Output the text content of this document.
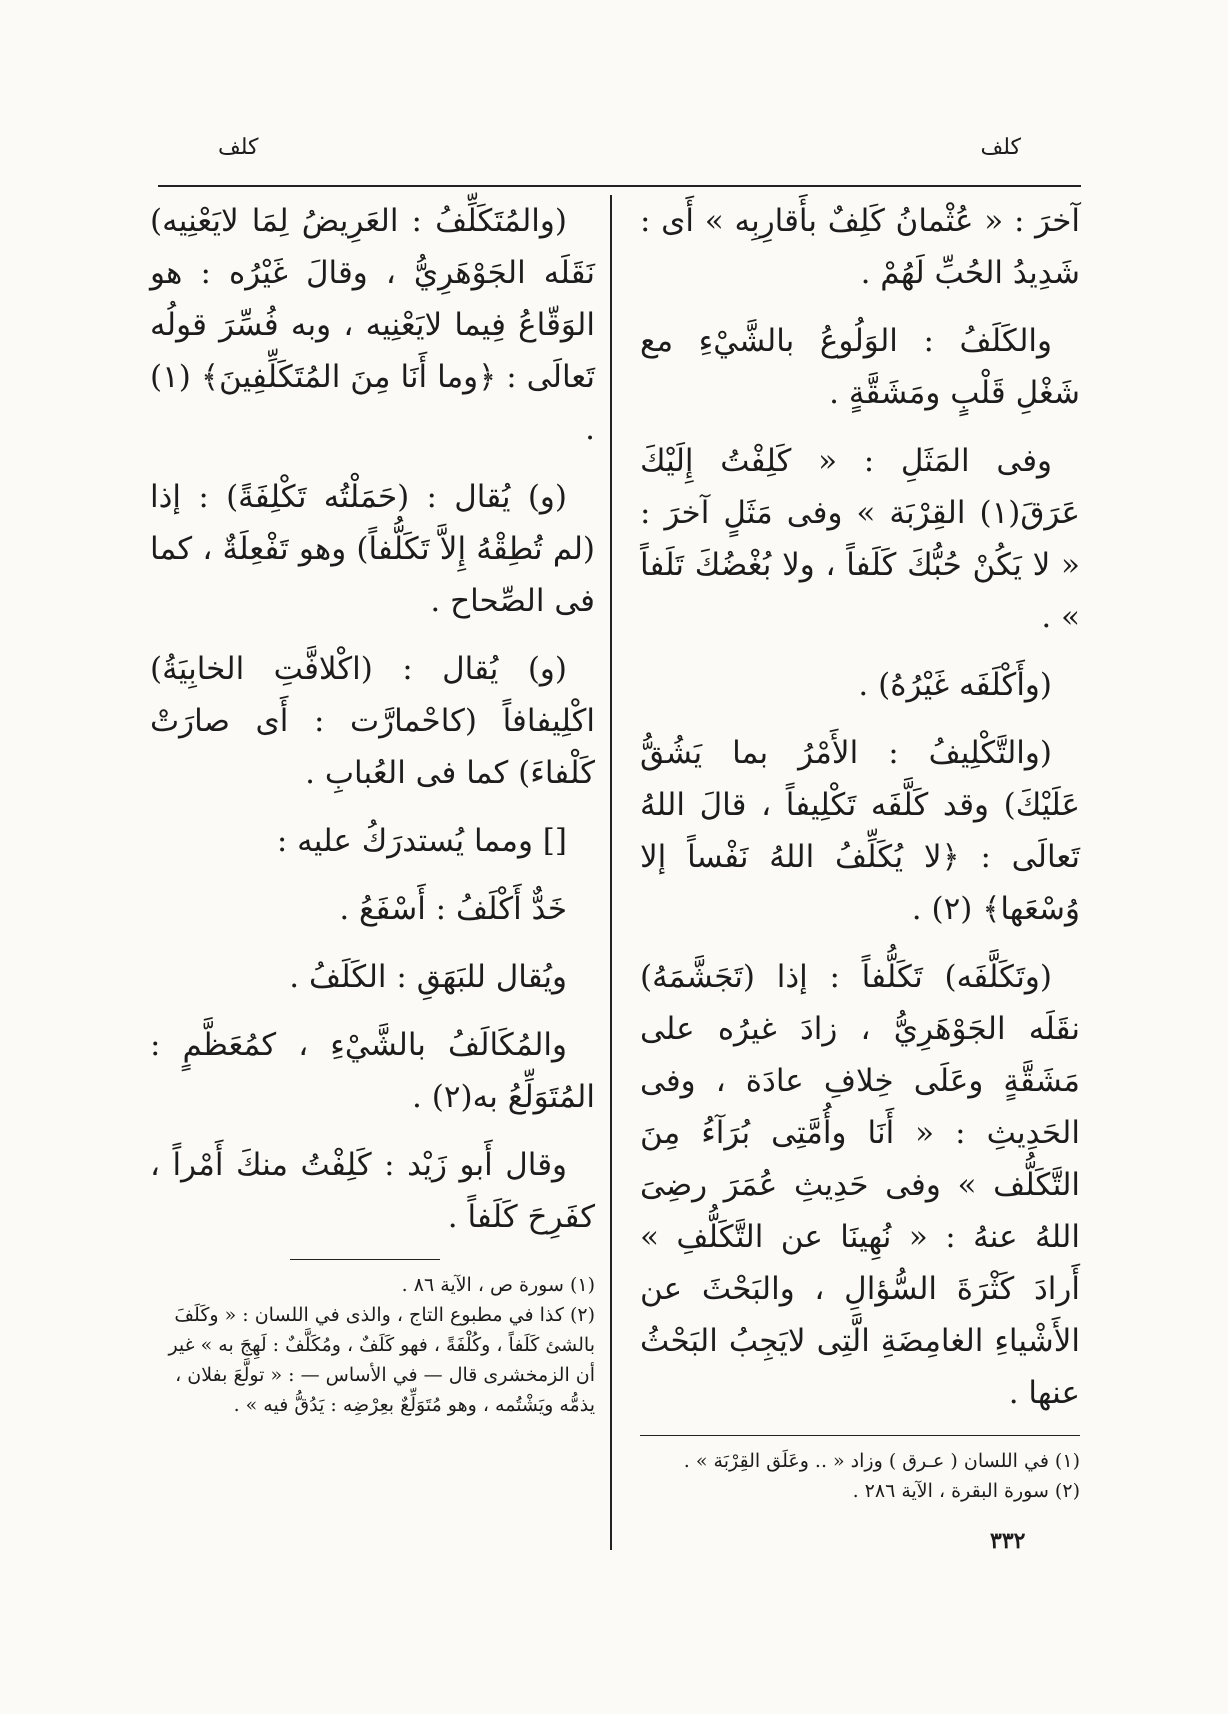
كلف
كلف

آخرَ : « عُثْمانُ كَلِفٌ بأَقارِبِه » أَى : شَدِيدُ الحُبِّ لَهُمْ .

والكَلَفُ : الوَلُوعُ بالشَّيْءِ مع شَغْلِ قَلْبٍ ومَشَقَّةٍ .

وفى المَثَلِ : « كَلِفْتُ إِلَيْكَ عَرَقَ(١) القِرْبَة » وفى مَثَلٍ آخرَ : « لا يَكُنْ حُبُّكَ كَلَفاً ، ولا بُغْضُكَ تَلَفاً » .

(وأَكْلَفَه غَيْرُهُ) .

(والتَّكْلِيفُ : الأَمْرُ بما يَشُقُّ عَلَيْكَ) وقد كَلَّفَه تَكْلِيفاً ، قالَ اللهُ تَعالَى : ﴿لا يُكَلِّفُ اللهُ نَفْساً إلا وُسْعَها﴾ (٢) .

(وتَكَلَّفَه) تَكَلُّفاً : إذا (تَجَشَّمَهُ) نقَلَه الجَوْهَرِيُّ ، زادَ غيرُه على مَشَقَّةٍ وعَلَى خِلافِ عادَة ، وفى الحَدِيثِ : « أَنَا وأُمَّتِى بُرَآءُ مِنَ التَّكَلُّف » وفى حَدِيثِ عُمَرَ رضِىَ اللهُ عنهُ : « نُهِينَا عن التَّكَلُّفِ » أَرادَ كَثْرَةَ السُّؤالِ ، والبَحْثَ عن الأَشْياءِ الغامِضَةِ الَّتِى لايَجِبُ البَحْثُ عنها .

(١) في اللسان ( عـرق ) وزاد « .. وعَلَق القِرْبَة » .

(٢) سورة البقرة ، الآية ٢٨٦ .

(والمُتَكَلِّفُ : العَرِيضُ لِمَا لايَعْنِيه) نَقَلَه الجَوْهَرِيُّ ، وقالَ غَيْرُه : هو الوَقّاعُ فِيما لايَعْنِيه ، وبه فُسِّرَ قولُه تَعالَى : ﴿وما أَنَا مِنَ المُتَكَلِّفِينَ﴾ (١) .

(و) يُقال : (حَمَلْتُه تَكْلِفَةً) : إذا (لم تُطِقْهُ إِلاَّ تَكَلُّفاً) وهو تَفْعِلَةٌ ، كما فى الصِّحاح .

(و) يُقال : (اكْلافَّتِ الخابِيَةُ) اكْلِيفافاً (كاحْمارَّت : أَى صارَتْ كَلْفاءَ) كما فى العُبابِ .

[] ومما يُستدرَكُ عليه :

خَدٌّ أَكْلَفُ : أَسْفَعُ .

ويُقال للبَهَقِ : الكَلَفُ .

والمُكَالَفُ بالشَّيْءِ ، كمُعَظَّمٍ : المُتَوَلِّعُ به(٢) .

وقال أَبو زَيْد : كَلِفْتُ منكَ أَمْراً ، كفَرِحَ كَلَفاً .

(١) سورة ص ، الآية ٨٦ .

(٢) كذا في مطبوع التاج ، والذى في اللسان : « وكَلَفَ بالشئ كَلَفاً ، وكُلْفَةً ، فهو كَلَفٌ ، ومُكَلَّفٌ : لَهِجَ به » غير أن الزمخشرى قال — في الأساس — : « تولَّعَ بفلان ، يذمُّه ويَشْتُمه ، وهو مُتَوَلِّعٌ بعِرْضِه : يَدُقُّ فيه » .

٣٣٢
